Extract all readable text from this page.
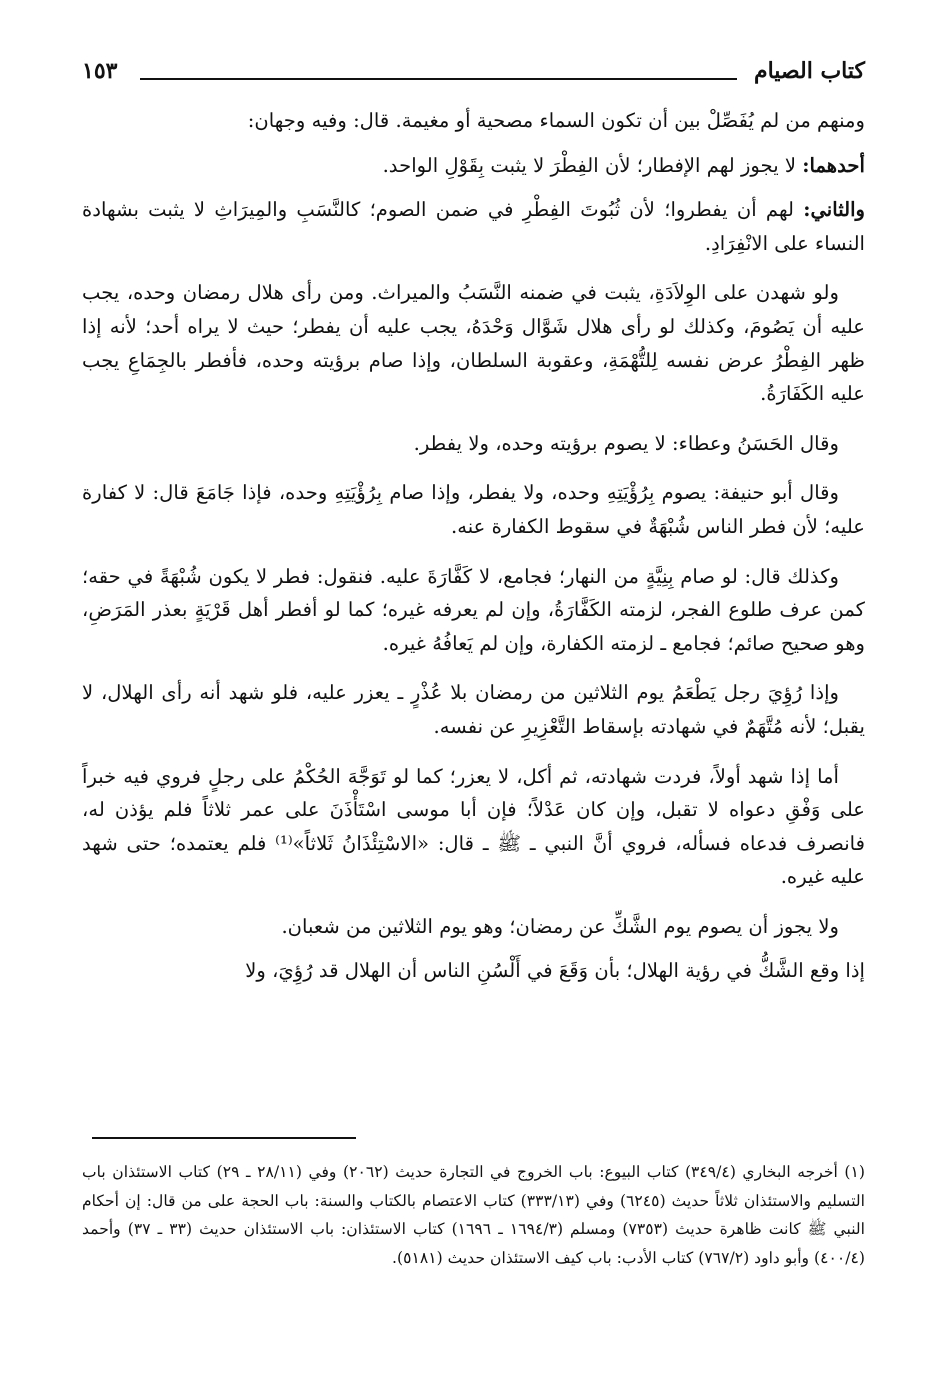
كتاب الصيام
١٥٣

ومنهم من لم يُفَصِّلْ بين أن تكون السماء مصحية أو مغيمة. قال: وفيه وجهان:

أحدهما: لا يجوز لهم الإفطار؛ لأن الفِطْرَ لا يثبت بِقَوْلِ الواحد.

والثاني: لهم أن يفطروا؛ لأن ثُبُوتَ الفِطْرِ في ضمن الصوم؛ كالنَّسَبِ والمِيرَاثِ لا يثبت بشهادة النساء على الانْفِرَادِ.

ولو شهدن على الوِلاَدَةِ، يثبت في ضمنه النَّسَبُ والميراث. ومن رأى هلال رمضان وحده، يجب عليه أن يَصُومَ، وكذلك لو رأى هلال شَوَّال وَحْدَهُ، يجب عليه أن يفطر؛ حيث لا يراه أحد؛ لأنه إذا ظهر الفِطْرُ عرض نفسه لِلتُّهْمَةِ، وعقوبة السلطان، وإذا صام برؤيته وحده، فأفطر بالجِمَاعِ يجب عليه الكَفَارَةُ.

وقال الحَسَنُ وعطاء: لا يصوم برؤيته وحده، ولا يفطر.

وقال أبو حنيفة: يصوم بِرُؤْيَتِهِ وحده، ولا يفطر، وإذا صام بِرُؤْيَتِهِ وحده، فإذا جَامَعَ قال: لا كفارة عليه؛ لأن فطر الناس شُبْهَةٌ في سقوط الكفارة عنه.

وكذلك قال: لو صام بِنِيَّةٍ من النهار؛ فجامع، لا كَفَّارَةَ عليه. فنقول: فطر لا يكون شُبْهَةً في حقه؛ كمن عرف طلوع الفجر، لزمته الكَفَّارَةُ، وإن لم يعرفه غيره؛ كما لو أفطر أهل قَرْيَةٍ بعذر المَرَضِ، وهو صحيح صائم؛ فجامع ـ لزمته الكفارة، وإن لم يَعافُهُ غيره.

وإذا رُؤِيَ رجل يَطْعَمُ يوم الثلاثين من رمضان بلا عُذْرٍ ـ يعزر عليه، فلو شهد أنه رأى الهلال، لا يقبل؛ لأنه مُتَّهَمٌ في شهادته بإسقاط التَّعْزِيرِ عن نفسه.

أما إذا شهد أولاً، فردت شهادته، ثم أكل، لا يعزر؛ كما لو تَوَجَّهَ الحُكْمُ على رجلٍ فروي فيه خبراً على وَفْقِ دعواه لا تقبل، وإن كان عَدْلاً؛ فإن أبا موسى اسْتَأْذَنَ على عمر ثلاثاً فلم يؤذن له، فانصرف فدعاه فسأله، فروي أنَّ النبي ـ ﷺ ـ قال: «الاسْتِئْذَانُ ثَلاثاً»⁽¹⁾ فلم يعتمده؛ حتى شهد عليه غيره.

ولا يجوز أن يصوم يوم الشَّكِّ عن رمضان؛ وهو يوم الثلاثين من شعبان.

إذا وقع الشَّكُّ في رؤية الهلال؛ بأن وَقَعَ في أَلْسُنِ الناس أن الهلال قد رُؤِيَ، ولا

(١) أخرجه البخاري (٣٤٩/٤) كتاب البيوع: باب الخروج في التجارة حديث (٢٠٦٢) وفي (٢٨/١١ ـ ٢٩) كتاب الاستئذان باب التسليم والاستئذان ثلاثاً حديث (٦٢٤٥) وفي (٣٣٣/١٣) كتاب الاعتصام بالكتاب والسنة: باب الحجة على من قال: إن أحكام النبي ﷺ كانت ظاهرة حديث (٧٣٥٣) ومسلم (١٦٩٤/٣ ـ ١٦٩٦) كتاب الاستئذان: باب الاستئذان حديث (٣٣ ـ ٣٧) وأحمد (٤٠٠/٤) وأبو داود (٧٦٧/٢) كتاب الأدب: باب كيف الاستئذان حديث (٥١٨١).
